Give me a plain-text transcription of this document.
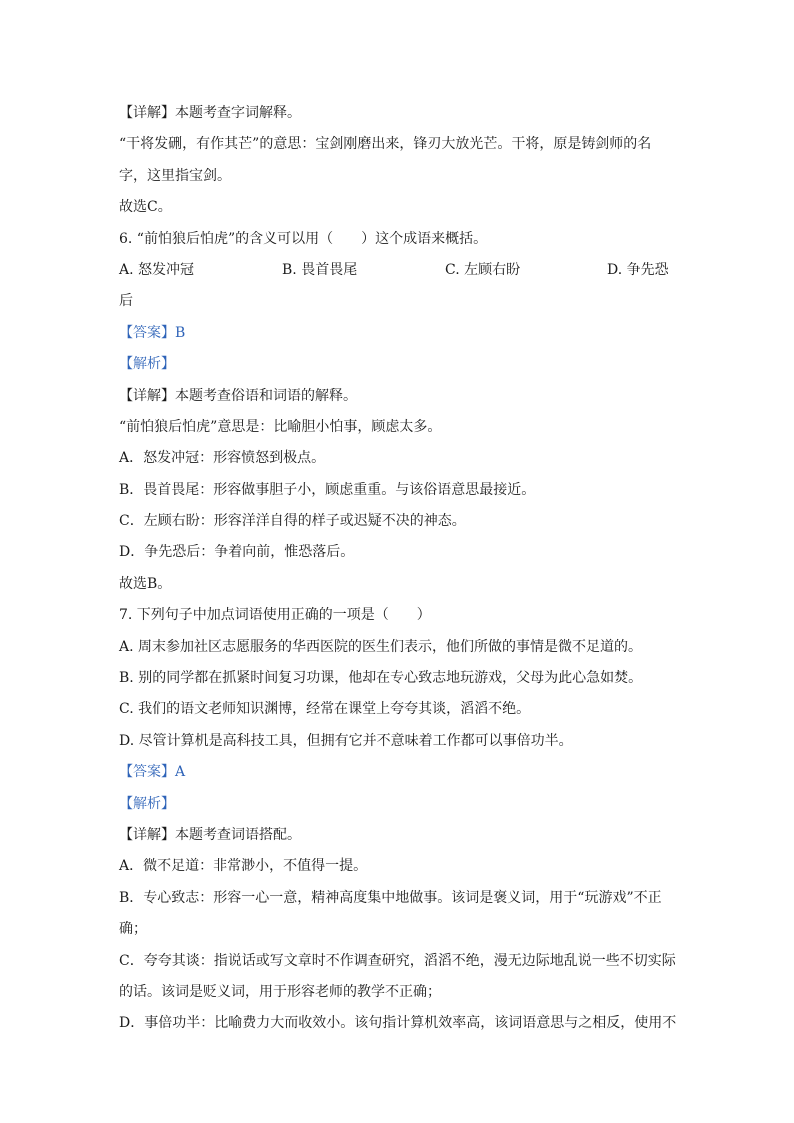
【详解】本题考查字词解释。
“干将发硎，有作其芒”的意思：宝剑刚磨出来，锋刃大放光芒。干将，原是铸剑师的名
字，这里指宝剑。
故选C。
6. “前怕狼后怕虎”的含义可以用（　　）这个成语来概括。
A. 怒发冲冠	B. 畏首畏尾	C. 左顾右盼	D. 争先恐
后
【答案】B
【解析】
【详解】本题考查俗语和词语的解释。
“前怕狼后怕虎”意思是：比喻胆小怕事，顾虑太多。
A．怒发冲冠：形容愤怒到极点。
B．畏首畏尾：形容做事胆子小，顾虑重重。与该俗语意思最接近。
C．左顾右盼：形容洋洋自得的样子或迟疑不决的神态。
D．争先恐后：争着向前，惟恐落后。
故选B。
7. 下列句子中加点词语使用正确的一项是（　　）
A. 周末参加社区志愿服务的华西医院的医生们表示，他们所做的事情是微不足道的。
B. 别的同学都在抓紧时间复习功课，他却在专心致志地玩游戏，父母为此心急如焚。
C. 我们的语文老师知识渊博，经常在课堂上夸夸其谈，滔滔不绝。
D. 尽管计算机是高科技工具，但拥有它并不意味着工作都可以事倍功半。
【答案】A
【解析】
【详解】本题考查词语搭配。
A．微不足道：非常渺小，不值得一提。
B．专心致志：形容一心一意，精神高度集中地做事。该词是褒义词，用于“玩游戏”不正
确；
C．夸夸其谈：指说话或写文章时不作调查研究，滔滔不绝，漫无边际地乱说一些不切实际
的话。该词是贬义词，用于形容老师的教学不正确；
D．事倍功半：比喻费力大而收效小。该句指计算机效率高，该词语意思与之相反，使用不
